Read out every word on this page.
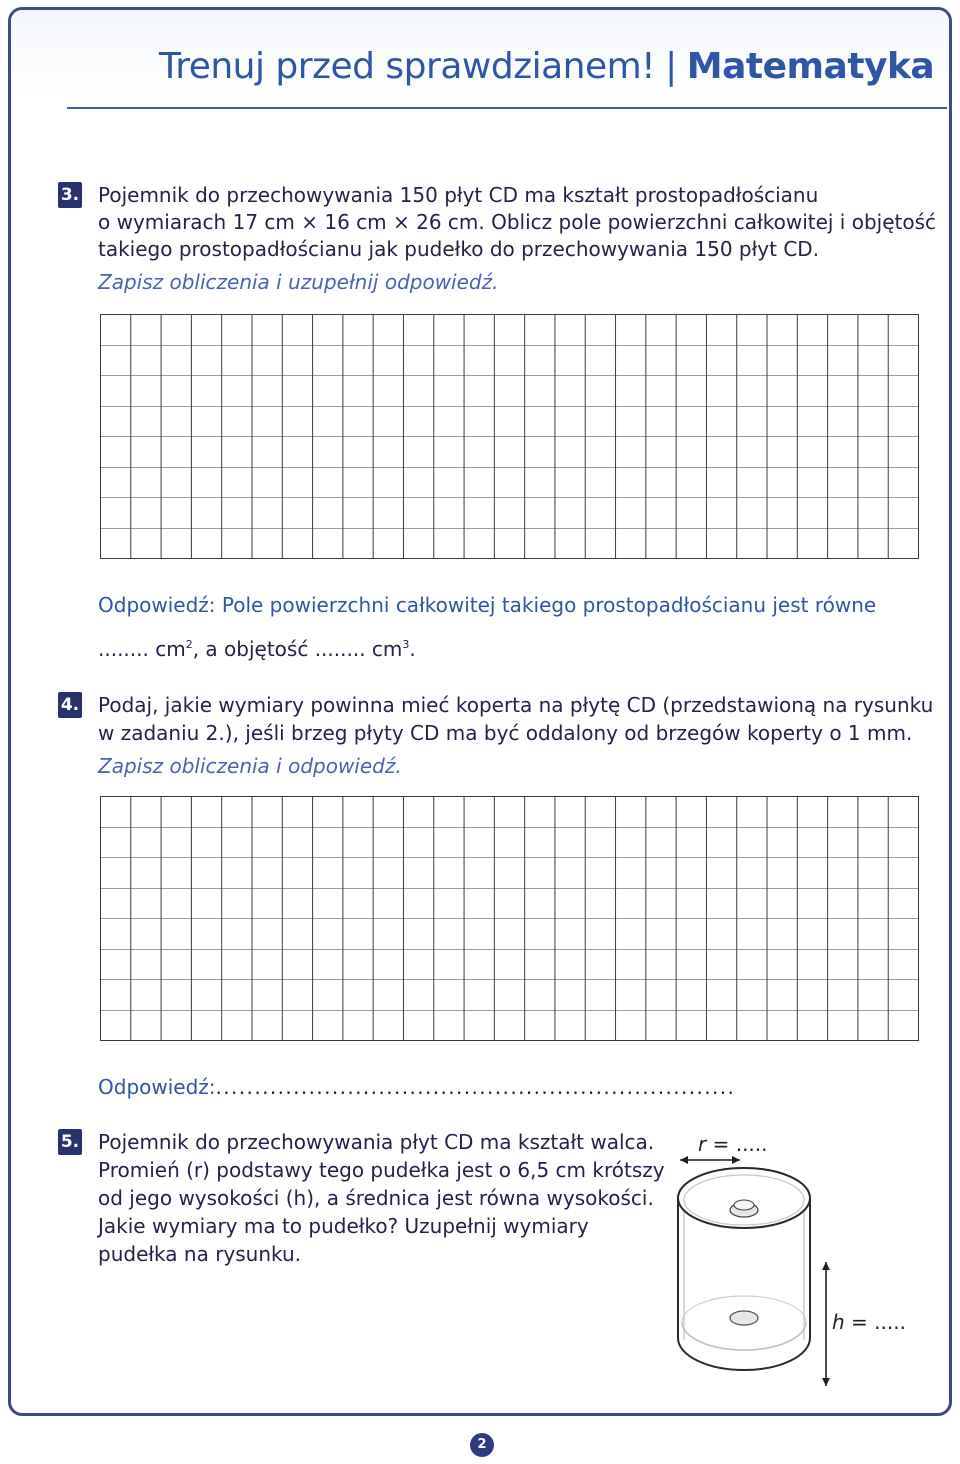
Trenuj przed sprawdzianem! | Matematyka
3. Pojemnik do przechowywania 150 płyt CD ma kształt prostopadłościanu
o wymiarach 17 cm × 16 cm × 26 cm. Oblicz pole powierzchni całkowitej i objętość
takiego prostopadłościanu jak pudełko do przechowywania 150 płyt CD.
Zapisz obliczenia i uzupełnij odpowiedź.
Odpowiedź: Pole powierzchni całkowitej takiego prostopadłościanu jest równe
........ $cm^2$, a objętość ........ $cm^3$.
4. Podaj, jakie wymiary powinna mieć koperta na płytę CD (przedstawioną na rysunku
w zadaniu 2.), jeśli brzeg płyty CD ma być oddalony od brzegów koperty o 1 mm.
Zapisz obliczenia i odpowiedź.
Odpowiedź:...................................................................
5. Pojemnik do przechowywania płyt CD ma kształt walca.
Promień (r) podstawy tego pudełka jest o 6,5 cm krótszy
od jego wysokości (h), a średnica jest równa wysokości.
Jakie wymiary ma to pudełko? Uzupełnij wymiary
pudełka na rysunku.
r = .....
h = .....
2
